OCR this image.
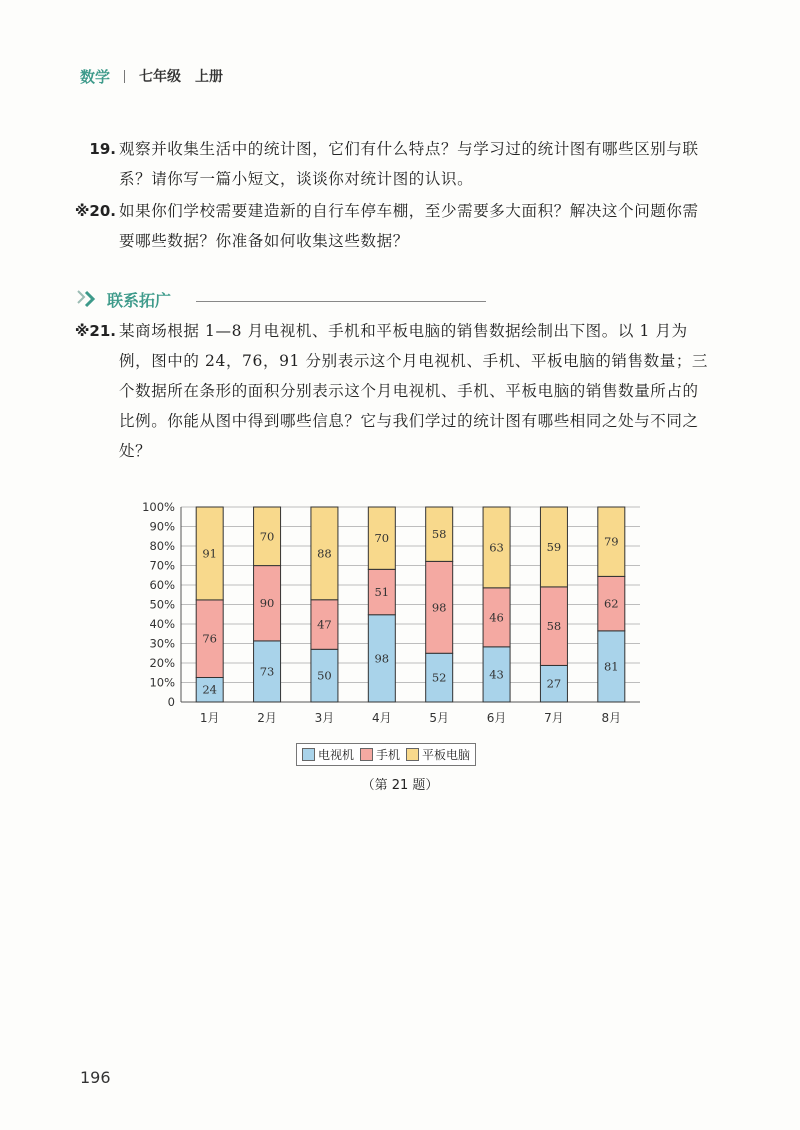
数学 七年级　上册
19. 观察并收集生活中的统计图，它们有什么特点？与学习过的统计图有哪些区别与联系？请你写一篇小短文，谈谈你对统计图的认识。
※20. 如果你们学校需要建造新的自行车停车棚，至少需要多大面积？解决这个问题你需要哪些数据？你准备如何收集这些数据？
联系拓广
※21. 某商场根据 1—8 月电视机、手机和平板电脑的销售数据绘制出下图。以 1 月为例，图中的 24，76，91 分别表示这个月电视机、手机、平板电脑的销售数量；三个数据所在条形的面积分别表示这个月电视机、手机、平板电脑的销售数量所占的比例。你能从图中得到哪些信息？它与我们学过的统计图有哪些相同之处与不同之处？
0
10%
20%
30%
40%
50%
60%
70%
80%
90%
100%
24
76
91
1月
73
90
70
2月
50
47
88
3月
98
51
70
4月
52
98
58
5月
43
46
63
6月
27
58
59
7月
81
62
79
8月
电视机 手机 平板电脑
（第 21 题）
196
